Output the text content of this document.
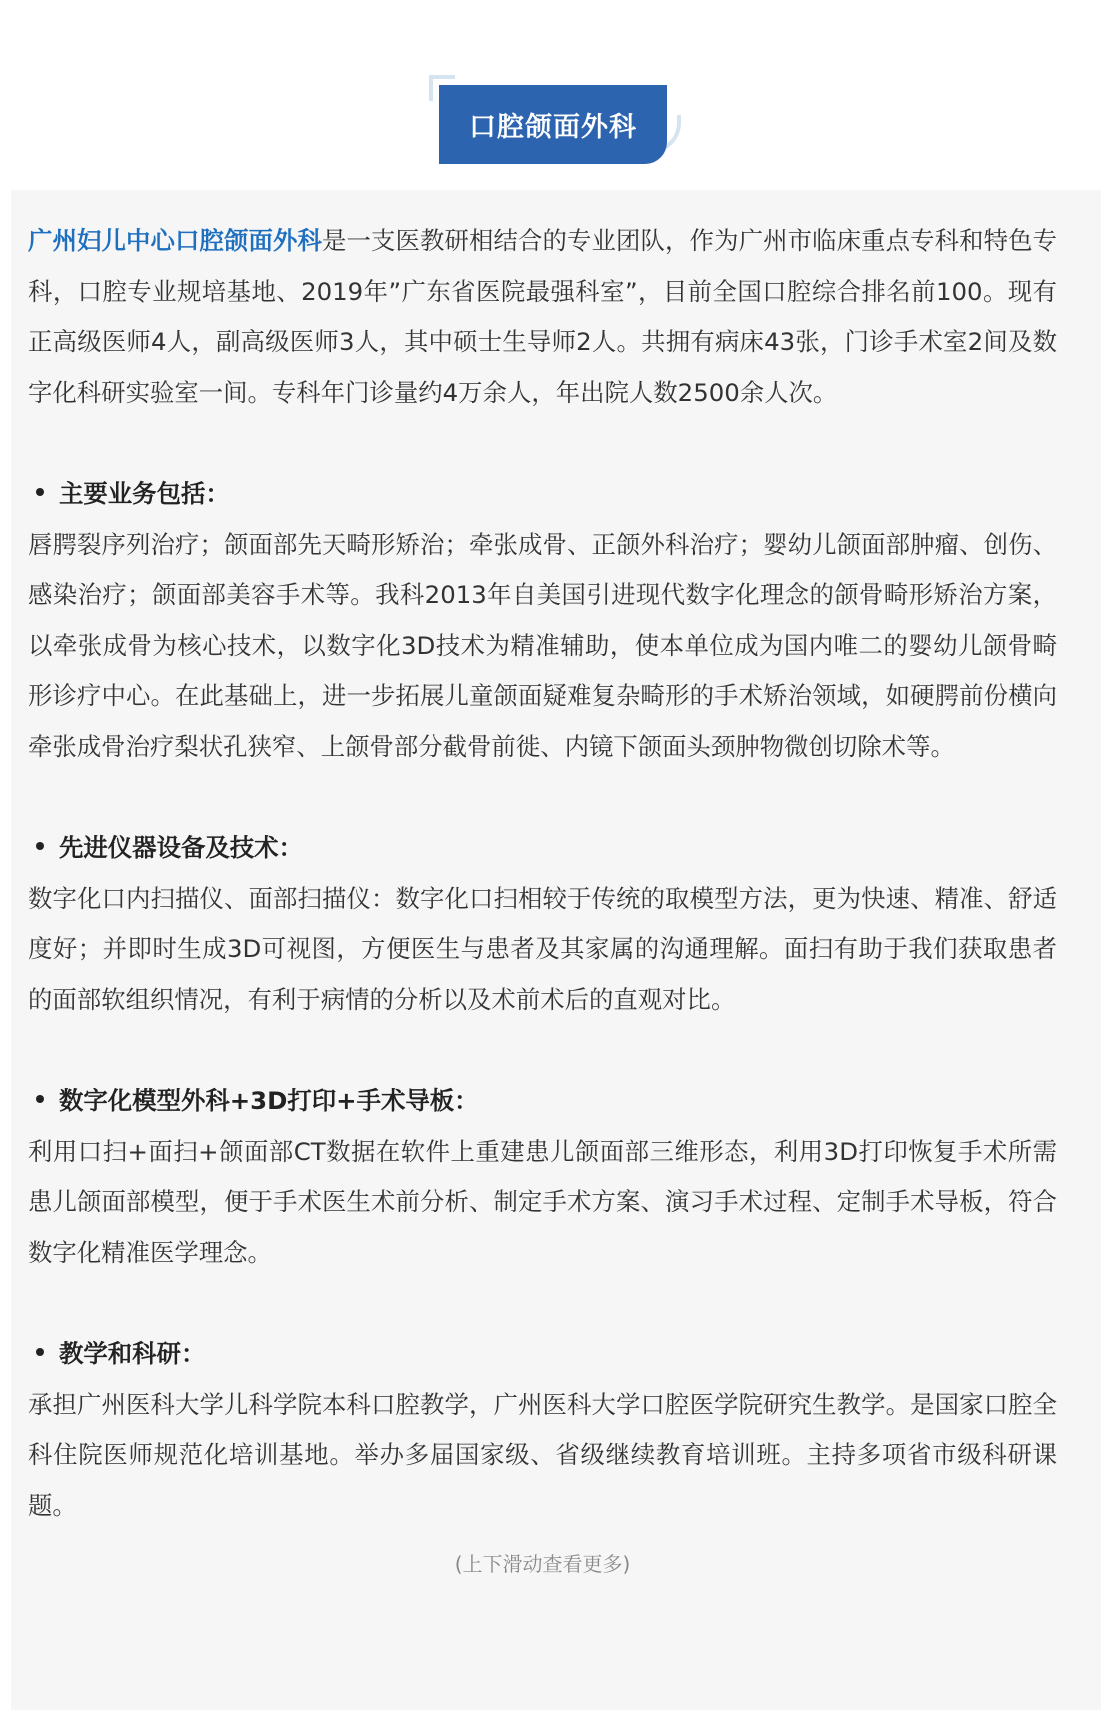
口腔颌面外科

广州妇儿中心口腔颌面外科是一支医教研相结合的专业团队，作为广州市临床重点专科和特色专科，口腔专业规培基地、2019年”广东省医院最强科室”，目前全国口腔综合排名前100。现有正高级医师4人，副高级医师3人，其中硕士生导师2人。共拥有病床43张，门诊手术室2间及数字化科研实验室一间。专科年门诊量约4万余人，年出院人数2500余人次。

主要业务包括：

唇腭裂序列治疗；颌面部先天畸形矫治；牵张成骨、正颌外科治疗；婴幼儿颌面部肿瘤、创伤、感染治疗；颌面部美容手术等。我科2013年自美国引进现代数字化理念的颌骨畸形矫治方案，以牵张成骨为核心技术，以数字化3D技术为精准辅助，使本单位成为国内唯二的婴幼儿颌骨畸形诊疗中心。在此基础上，进一步拓展儿童颌面疑难复杂畸形的手术矫治领域，如硬腭前份横向牵张成骨治疗梨状孔狭窄、上颌骨部分截骨前徙、内镜下颌面头颈肿物微创切除术等。

先进仪器设备及技术：

数字化口内扫描仪、面部扫描仪：数字化口扫相较于传统的取模型方法，更为快速、精准、舒适度好；并即时生成3D可视图，方便医生与患者及其家属的沟通理解。面扫有助于我们获取患者的面部软组织情况，有利于病情的分析以及术前术后的直观对比。

数字化模型外科+3D打印+手术导板：

利用口扫+面扫+颌面部CT数据在软件上重建患儿颌面部三维形态，利用3D打印恢复手术所需患儿颌面部模型，便于手术医生术前分析、制定手术方案、演习手术过程、定制手术导板，符合数字化精准医学理念。

教学和科研：

承担广州医科大学儿科学院本科口腔教学，广州医科大学口腔医学院研究生教学。是国家口腔全科住院医师规范化培训基地。举办多届国家级、省级继续教育培训班。主持多项省市级科研课题。

(上下滑动查看更多)
